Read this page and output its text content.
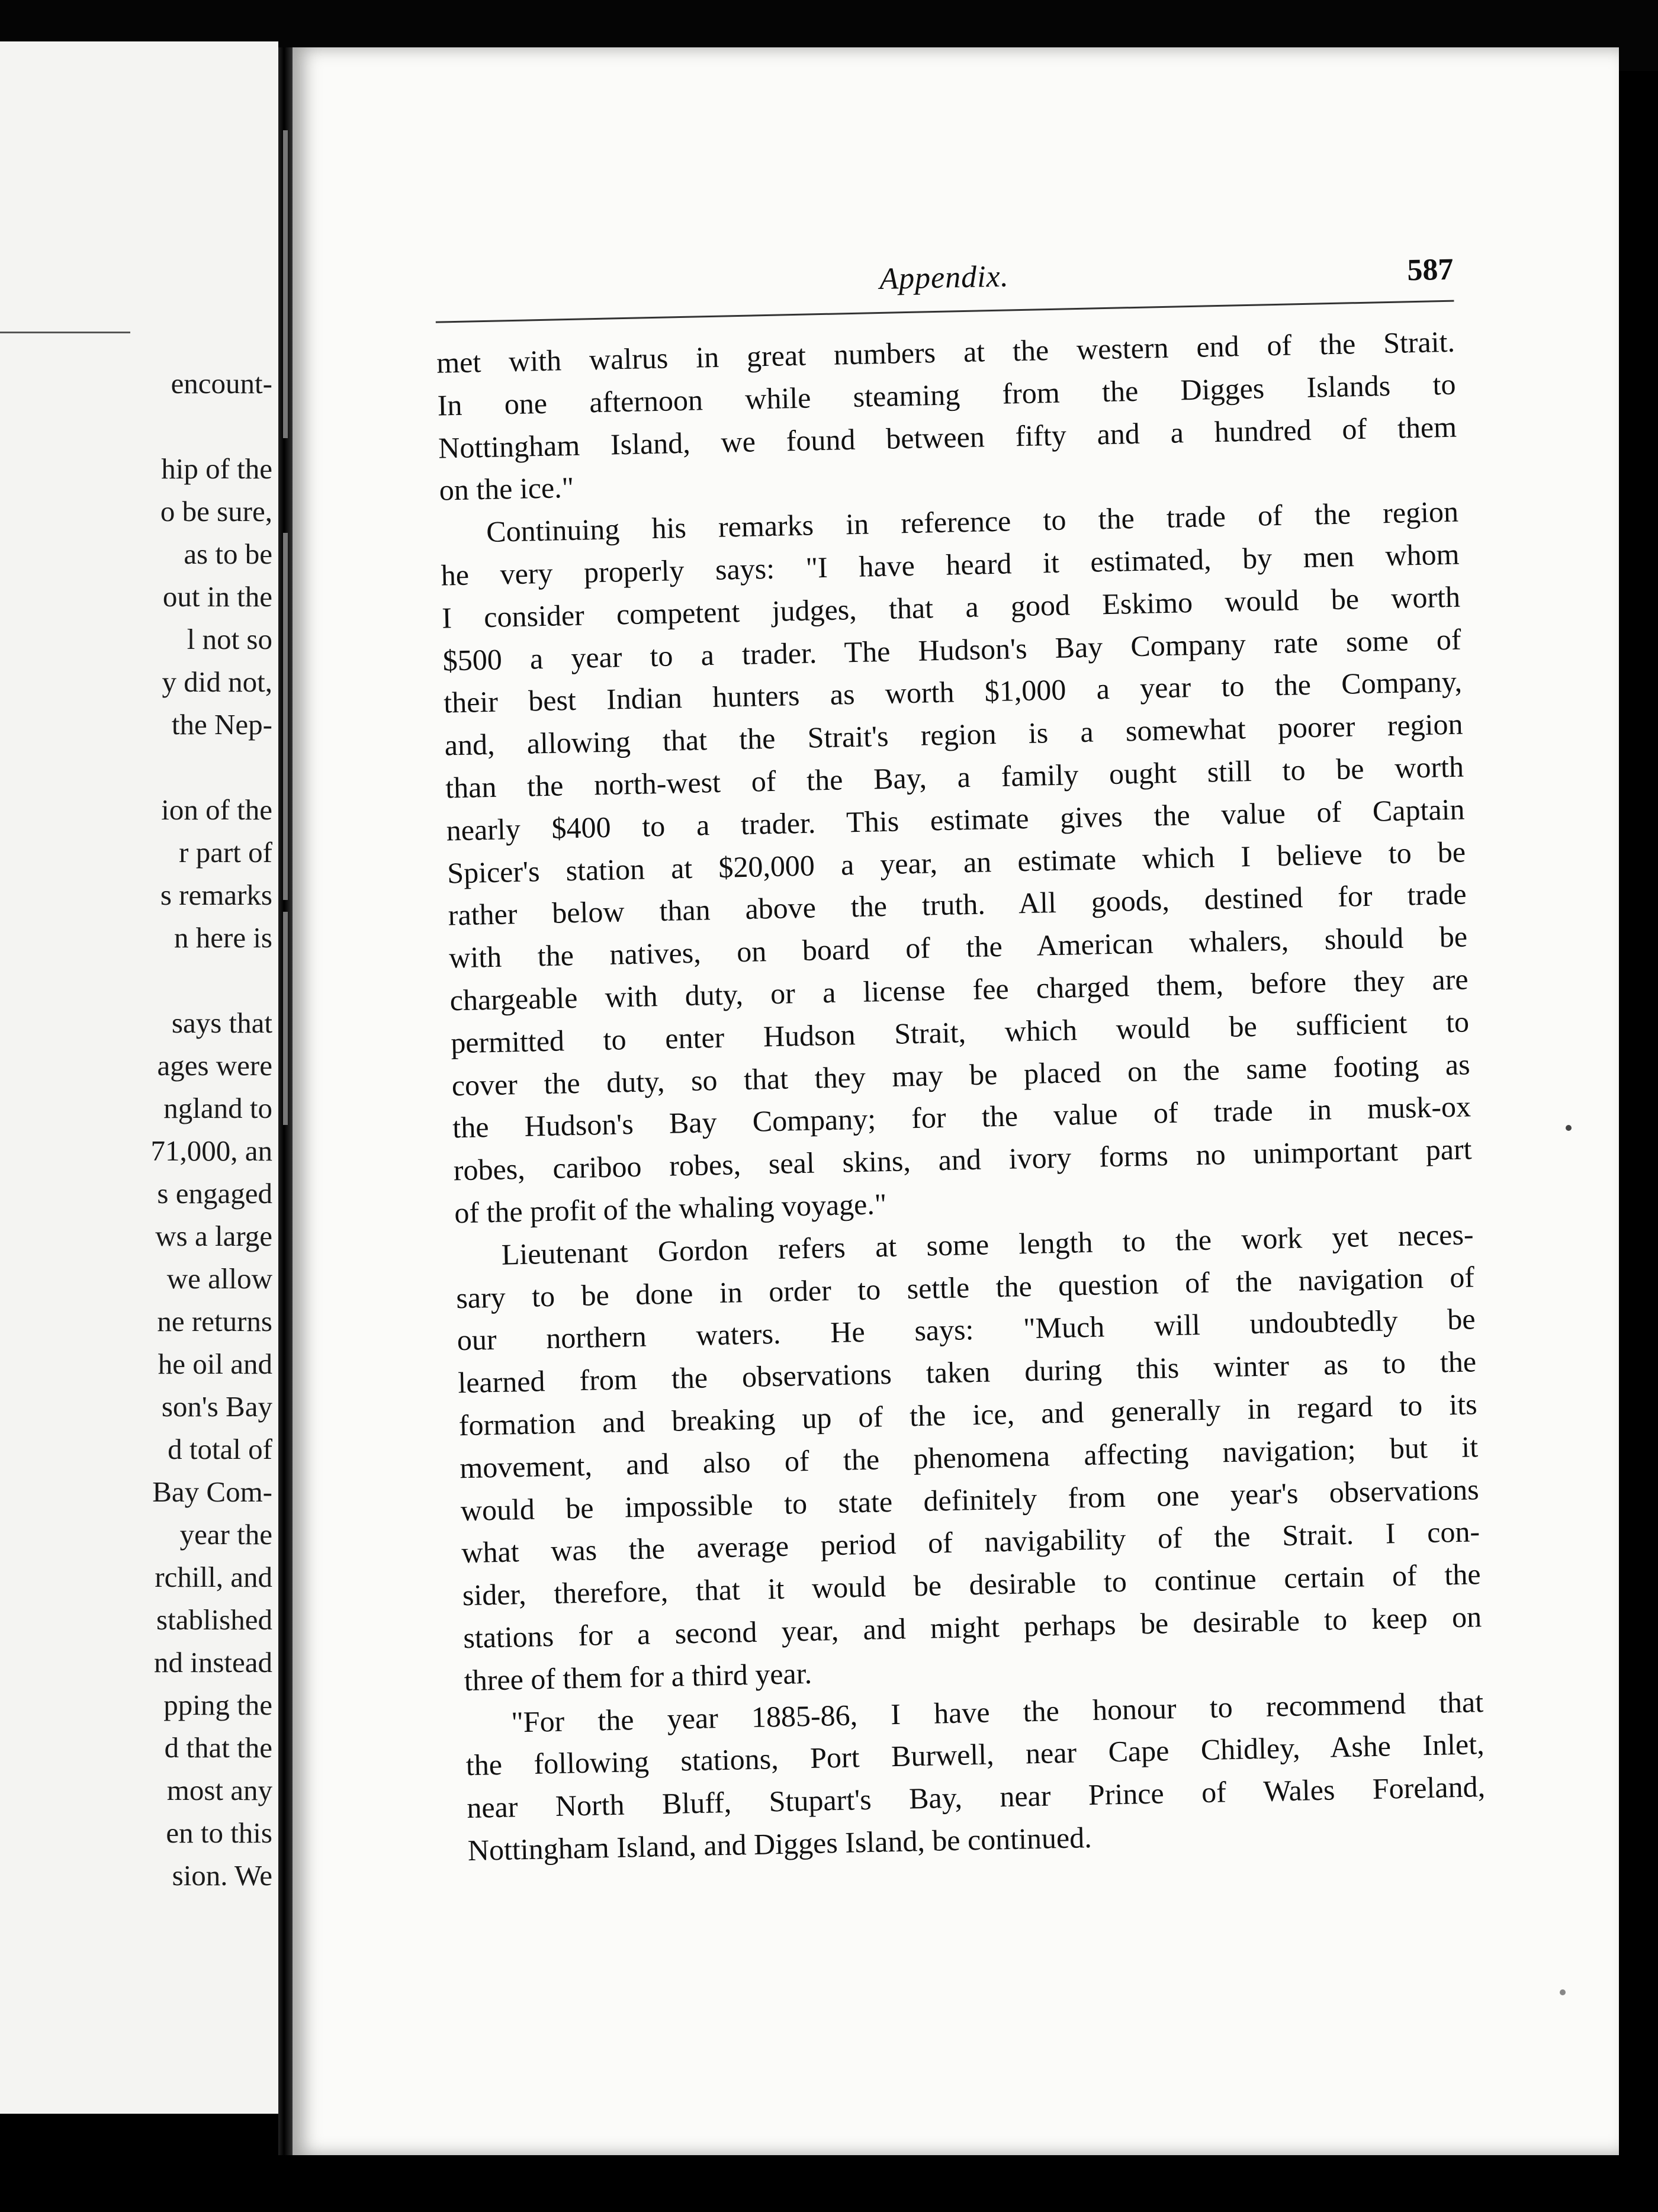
encount-
hip of the
o be sure,
as to be
out in the
l not so
y did not,
the Nep-
ion of the
r part of
s remarks
n here is
says that
ages were
ngland to
71,000, an
s engaged
ws a large
we allow
ne returns
he oil and
son's Bay
d total of
Bay Com-
year the
rchill, and
stablished
nd instead
pping the
d that the
most any
en to this
sion. We
Appendix.	587
met with walrus in great numbers at the western end of the Strait.
In one afternoon while steaming from the Digges Islands to
Nottingham Island, we found between fifty and a hundred of them
on the ice."
Continuing his remarks in reference to the trade of the region
he very properly says: "I have heard it estimated, by men whom
I consider competent judges, that a good Eskimo would be worth
$500 a year to a trader. The Hudson's Bay Company rate some of
their best Indian hunters as worth $1,000 a year to the Company,
and, allowing that the Strait's region is a somewhat poorer region
than the north-west of the Bay, a family ought still to be worth
nearly $400 to a trader. This estimate gives the value of Captain
Spicer's station at $20,000 a year, an estimate which I believe to be
rather below than above the truth. All goods, destined for trade
with the natives, on board of the American whalers, should be
chargeable with duty, or a license fee charged them, before they are
permitted to enter Hudson Strait, which would be sufficient to
cover the duty, so that they may be placed on the same footing as
the Hudson's Bay Company; for the value of trade in musk-ox
robes, cariboo robes, seal skins, and ivory forms no unimportant part
of the profit of the whaling voyage."
Lieutenant Gordon refers at some length to the work yet neces-
sary to be done in order to settle the question of the navigation of
our northern waters. He says: "Much will undoubtedly be
learned from the observations taken during this winter as to the
formation and breaking up of the ice, and generally in regard to its
movement, and also of the phenomena affecting navigation; but it
would be impossible to state definitely from one year's observations
what was the average period of navigability of the Strait. I con-
sider, therefore, that it would be desirable to continue certain of the
stations for a second year, and might perhaps be desirable to keep on
three of them for a third year.
"For the year 1885-86, I have the honour to recommend that
the following stations, Port Burwell, near Cape Chidley, Ashe Inlet,
near North Bluff, Stupart's Bay, near Prince of Wales Foreland,
Nottingham Island, and Digges Island, be continued.
